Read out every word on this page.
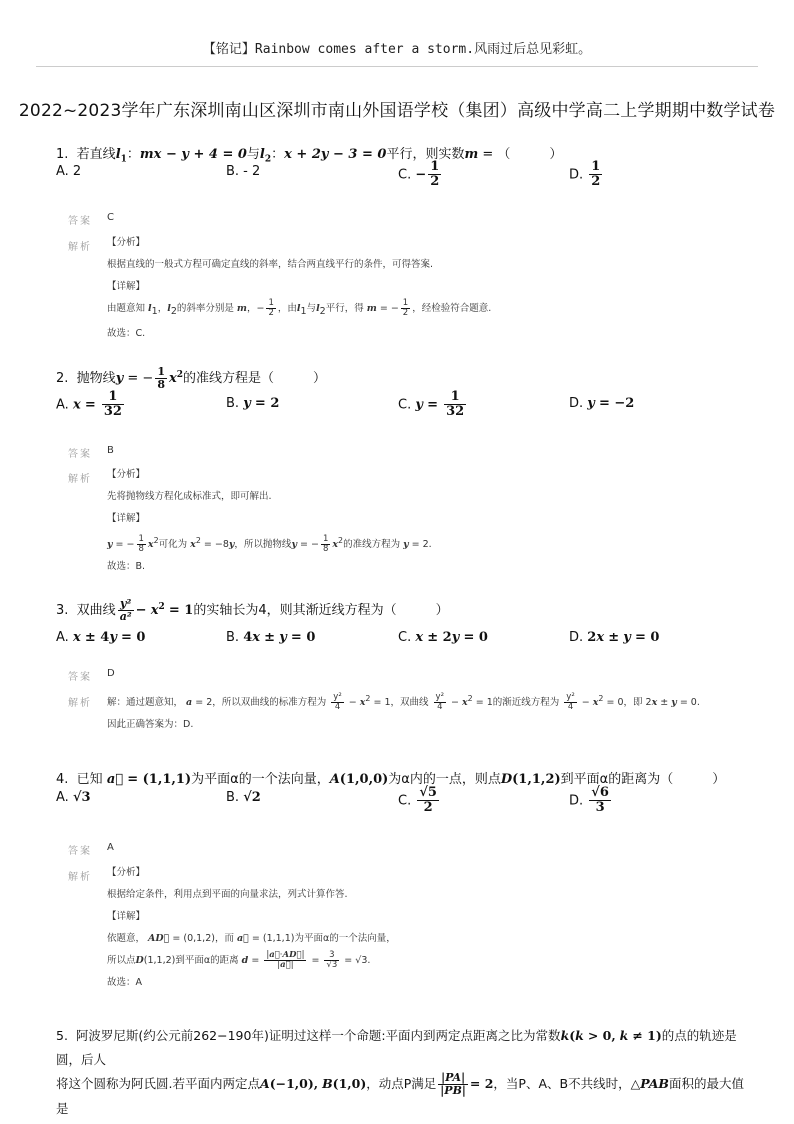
【铭记】Rainbow comes after a storm.风雨过后总见彩虹。
2022~2023学年广东深圳南山区深圳市南山外国语学校（集团）高级中学高二上学期期中数学试卷
1. 若直线$l_1$：mx − y + 4 = 0与$l_2$：x + 2y − 3 = 0平行，则实数m = （　　　）
A. 2	B. - 2	C. − $\frac{1}{2}$	D. $\frac{1}{2}$
答案 C
解析 【分析】
根据直线的一般式方程可确定直线的斜率，结合两直线平行的条件，可得答案.
【详解】
由题意知 $l_1$，$l_2$的斜率分别是 m，− $\frac{1}{2}$ ，由$l_1$与$l_2$平行，得 m = − $\frac{1}{2}$ ，经检验符合题意.
故选：C.
2. 抛物线y = − $\frac{1}{8} x^2$的准线方程是（　　　）
A. $x = \frac{1}{32}$	B. y = 2	C. $y = \frac{1}{32}$	D. y = −2
答案 B
解析 【分析】
先将抛物线方程化成标准式，即可解出.
【详解】
y = − $\frac{1}{8} x^2$可化为 $x^2 = -8y$，所以抛物线y = − $\frac{1}{8} x^2$的准线方程为 y = 2.
故选：B.
3. 双曲线 $\frac{\text{y²}}{\text{a²}} - x^2 = 1$的实轴长为4，则其渐近线方程为（　　　）
A. x ± 4y = 0	B. 4x ± y = 0	C. x ± 2y = 0	D. 2x ± y = 0
答案 D
解析 解：通过题意知， a = 2，所以双曲线的标准方程为 $\frac{\text{y²}}{4} - x^2 = 1$，双曲线 $\frac{\text{y²}}{4} - x^2 = 1$的渐近线方程为 $\frac{\text{y²}}{4} - x^2 = 0$，即 2x ± y = 0.
因此正确答案为：D.
4. 已知 a⃗ = (1,1,1)为平面α的一个法向量，A(1,0,0)为α内的一点，则点D(1,1,2)到平面α的距离为（　　　）
A. √3	B. √2	C. $\frac{√5}{2}$	D. $\frac{√6}{3}$
答案 A
解析 【分析】
根据给定条件，利用点到平面的向量求法，列式计算作答.
【详解】
依题意， AD⃗ = (0,1,2)，而 a⃗ = (1,1,1)为平面α的一个法向量，
所以点D(1,1,2)到平面α的距离 $d = \frac{|a⃗\cdot AD⃗|}{|a⃗|} = \frac{3}{√3} = √3$.
故选：A
5. 阿波罗尼斯(约公元前262−190年)证明过这样一个命题:平面内到两定点距离之比为常数k(k > 0, k ≠ 1)的点的轨迹是圆，后人
将这个圆称为阿氏圆.若平面内两定点A(−1,0), B(1,0)，动点P满足 $\frac{|PA|}{|PB|} = 2$，当P、A、B不共线时，△PAB面积的最大值是
